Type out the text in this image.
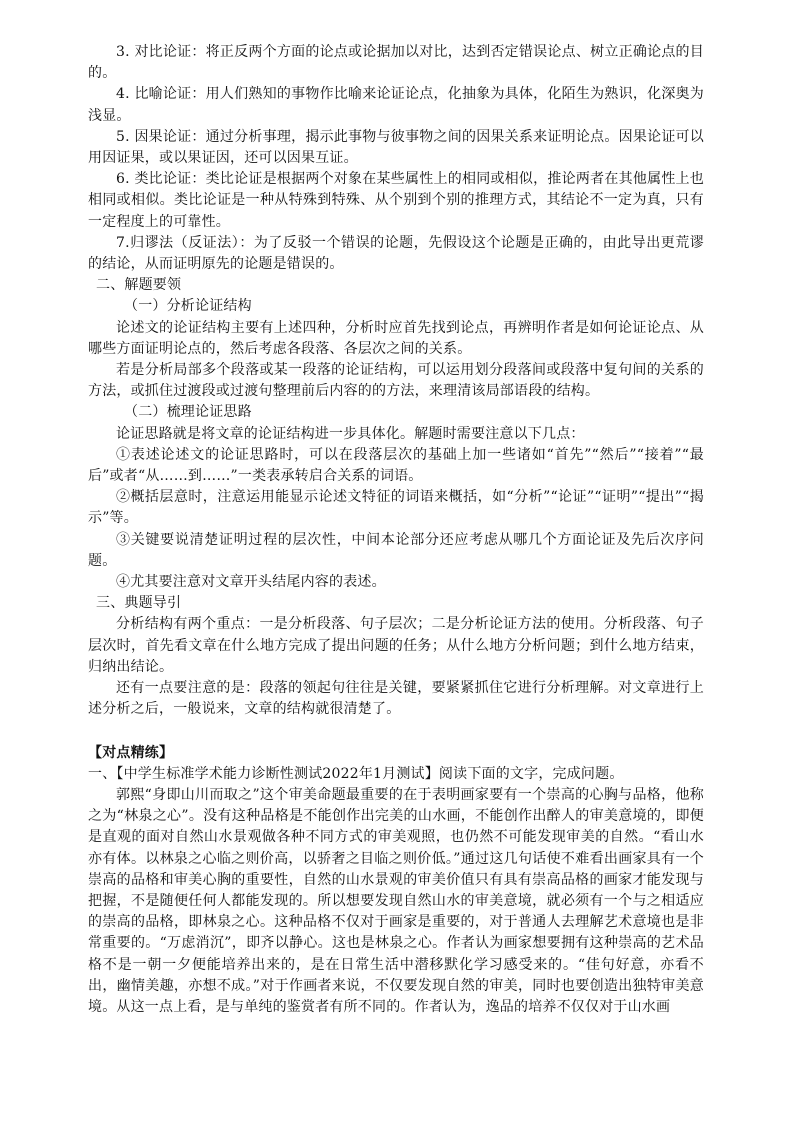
3. 对比论证：将正反两个方面的论点或论据加以对比，达到否定错误论点、树立正确论点的目的。

4. 比喻论证：用人们熟知的事物作比喻来论证论点，化抽象为具体，化陌生为熟识，化深奥为浅显。

5. 因果论证：通过分析事理，揭示此事物与彼事物之间的因果关系来证明论点。因果论证可以用因证果，或以果证因，还可以因果互证。

6. 类比论证：类比论证是根据两个对象在某些属性上的相同或相似，推论两者在其他属性上也相同或相似。类比论证是一种从特殊到特殊、从个别到个别的推理方式，其结论不一定为真，只有一定程度上的可靠性。

7.归谬法（反证法）：为了反驳一个错误的论题，先假设这个论题是正确的，由此导出更荒谬的结论，从而证明原先的论题是错误的。

二、解题要领

（一）分析论证结构

论述文的论证结构主要有上述四种，分析时应首先找到论点，再辨明作者是如何论证论点、从哪些方面证明论点的，然后考虑各段落、各层次之间的关系。

若是分析局部多个段落或某一段落的论证结构，可以运用划分段落间或段落中复句间的关系的方法，或抓住过渡段或过渡句整理前后内容的的方法，来理清该局部语段的结构。

（二）梳理论证思路

论证思路就是将文章的论证结构进一步具体化。解题时需要注意以下几点：

①表述论述文的论证思路时，可以在段落层次的基础上加一些诸如“首先”“然后”“接着”“最后”或者“从……到……”一类表承转启合关系的词语。

②概括层意时，注意运用能显示论述文特征的词语来概括，如“分析”“论证”“证明”“提出”“揭示”等。

③关键要说清楚证明过程的层次性，中间本论部分还应考虑从哪几个方面论证及先后次序问题。

④尤其要注意对文章开头结尾内容的表述。

三、典题导引

分析结构有两个重点：一是分析段落、句子层次；二是分析论证方法的使用。分析段落、句子层次时，首先看文章在什么地方完成了提出问题的任务；从什么地方分析问题；到什么地方结束，归纳出结论。

还有一点要注意的是：段落的领起句往往是关键，要紧紧抓住它进行分析理解。对文章进行上述分析之后，一般说来，文章的结构就很清楚了。

【对点精练】

一、【中学生标准学术能力诊断性测试2022年1月测试】阅读下面的文字，完成问题。

郭熙“身即山川而取之”这个审美命题最重要的在于表明画家要有一个崇高的心胸与品格，他称之为“林泉之心”。没有这种品格是不能创作出完美的山水画，不能创作出醉人的审美意境的，即便是直观的面对自然山水景观做各种不同方式的审美观照，也仍然不可能发现审美的自然。“看山水亦有体。以林泉之心临之则价高，以骄奢之目临之则价低。”通过这几句话使不难看出画家具有一个崇高的品格和审美心胸的重要性，自然的山水景观的审美价值只有具有崇高品格的画家才能发现与把握，不是随便任何人都能发现的。所以想要发现自然山水的审美意境，就必须有一个与之相适应的崇高的品格，即林泉之心。这种品格不仅对于画家是重要的，对于普通人去理解艺术意境也是非常重要的。“万虑消沉”，即齐以静心。这也是林泉之心。作者认为画家想要拥有这种崇高的艺术品格不是一朝一夕便能培养出来的，是在日常生活中潜移默化学习感受来的。“佳句好意，亦看不出，幽情美趣，亦想不成。”对于作画者来说，不仅要发现自然的审美，同时也要创造出独特审美意境。从这一点上看，是与单纯的鉴赏者有所不同的。作者认为，逸品的培养不仅仅对于山水画
